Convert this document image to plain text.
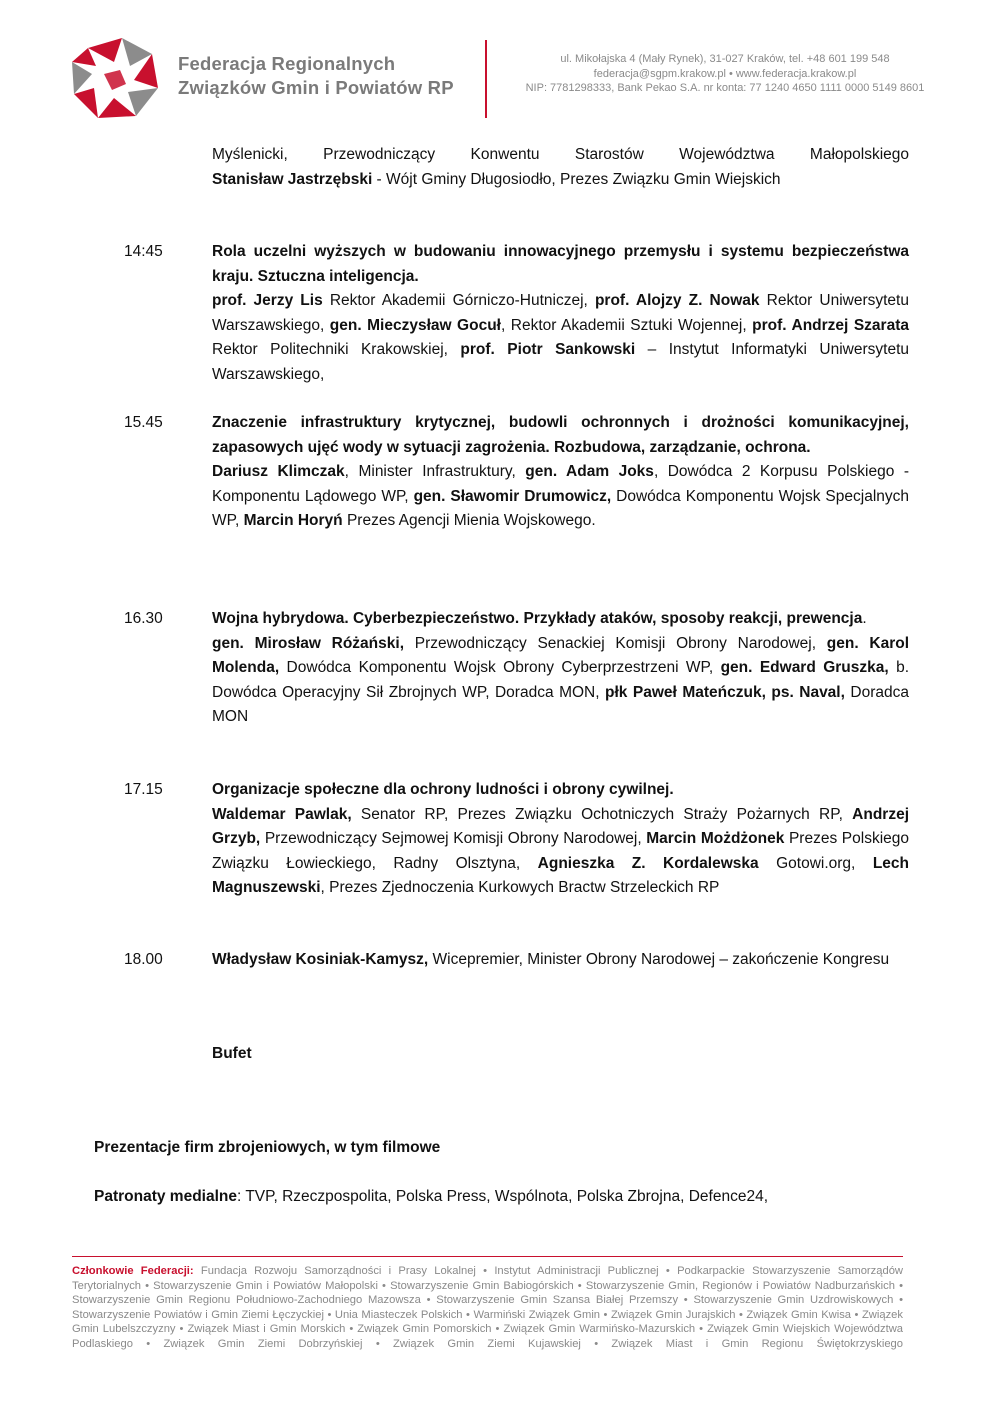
Federacja Regionalnych
Związków Gmin i Powiatów RP
ul. Mikołajska 4 (Mały Rynek), 31-027 Kraków, tel. +48 601 199 548
federacja@sgpm.krakow.pl • www.federacja.krakow.pl
NIP: 7781298333, Bank Pekao S.A. nr konta: 77 1240 4650 1111 0000 5149 8601
Myślenicki, Przewodniczący Konwentu Starostów Województwa Małopolskiego
Stanisław Jastrzębski - Wójt Gminy Długosiodło, Prezes Związku Gmin Wiejskich
14:45	Rola uczelni wyższych w budowaniu innowacyjnego przemysłu i systemu bezpieczeństwa kraju. Sztuczna inteligencja.
prof. Jerzy Lis Rektor Akademii Górniczo-Hutniczej, prof. Alojzy Z. Nowak Rektor Uniwersytetu Warszawskiego, gen. Mieczysław Gocuł, Rektor Akademii Sztuki Wojennej, prof. Andrzej Szarata Rektor Politechniki Krakowskiej, prof. Piotr Sankowski – Instytut Informatyki Uniwersytetu Warszawskiego,
15.45	Znaczenie infrastruktury krytycznej, budowli ochronnych i drożności komunikacyjnej, zapasowych ujęć wody w sytuacji zagrożenia. Rozbudowa, zarządzanie, ochrona.
Dariusz Klimczak, Minister Infrastruktury, gen. Adam Joks, Dowódca 2 Korpusu Polskiego - Komponentu Lądowego WP, gen. Sławomir Drumowicz, Dowódca Komponentu Wojsk Specjalnych WP, Marcin Horyń Prezes Agencji Mienia Wojskowego.
16.30	Wojna hybrydowa. Cyberbezpieczeństwo. Przykłady ataków, sposoby reakcji, prewencja.
gen. Mirosław Różański, Przewodniczący Senackiej Komisji Obrony Narodowej, gen. Karol Molenda, Dowódca Komponentu Wojsk Obrony Cyberprzestrzeni WP, gen. Edward Gruszka, b. Dowódca Operacyjny Sił Zbrojnych WP, Doradca MON, płk Paweł Mateńczuk, ps. Naval, Doradca MON
17.15	Organizacje społeczne dla ochrony ludności i obrony cywilnej.
Waldemar Pawlak, Senator RP, Prezes Związku Ochotniczych Straży Pożarnych RP, Andrzej Grzyb, Przewodniczący Sejmowej Komisji Obrony Narodowej, Marcin Możdżonek Prezes Polskiego Związku Łowieckiego, Radny Olsztyna, Agnieszka Z. Kordalewska Gotowi.org, Lech Magnuszewski, Prezes Zjednoczenia Kurkowych Bractw Strzeleckich RP
18.00	Władysław Kosiniak-Kamysz, Wicepremier, Minister Obrony Narodowej – zakończenie Kongresu
Bufet
Prezentacje firm zbrojeniowych, w tym filmowe
Patronaty medialne: TVP, Rzeczpospolita, Polska Press, Wspólnota, Polska Zbrojna, Defence24,
Członkowie Federacji: Fundacja Rozwoju Samorządności i Prasy Lokalnej • Instytut Administracji Publicznej • Podkarpackie Stowarzyszenie Samorządów Terytorialnych • Stowarzyszenie Gmin i Powiatów Małopolski • Stowarzyszenie Gmin Babiogórskich • Stowarzyszenie Gmin, Regionów i Powiatów Nadburzańskich • Stowarzyszenie Gmin Regionu Południowo-Zachodniego Mazowsza • Stowarzyszenie Gmin Szansa Białej Przemszy • Stowarzyszenie Gmin Uzdrowiskowych • Stowarzyszenie Powiatów i Gmin Ziemi Łęczyckiej • Unia Miasteczek Polskich • Warmiński Związek Gmin • Związek Gmin Jurajskich • Związek Gmin Kwisa • Związek Gmin Lubelszczyzny • Związek Miast i Gmin Morskich • Związek Gmin Pomorskich • Związek Gmin Warmińsko-Mazurskich • Związek Gmin Wiejskich Województwa Podlaskiego • Związek Gmin Ziemi Dobrzyńskiej • Związek Gmin Ziemi Kujawskiej • Związek Miast i Gmin Regionu Świętokrzyskiego
